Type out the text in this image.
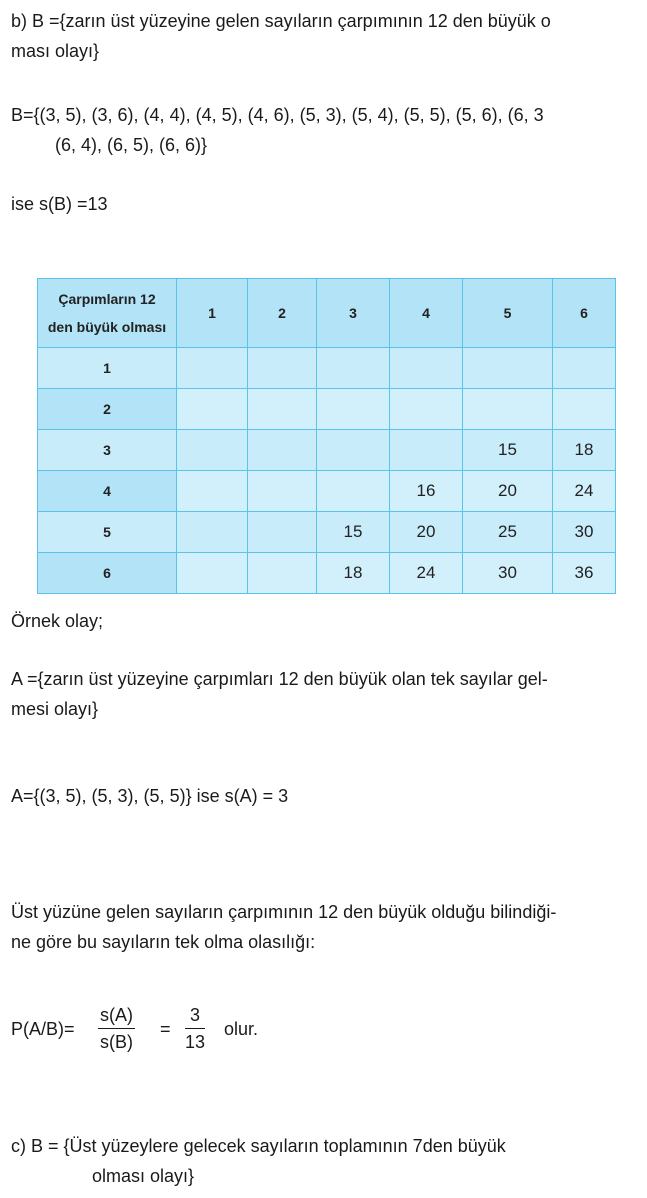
b) B ={zarın üst yüzeyine gelen sayıların çarpımının 12 den büyük o
ması olayı}
B={(3, 5), (3, 6), (4, 4), (4, 5), (4, 6), (5, 3), (5, 4), (5, 5), (5, 6), (6, 3
(6, 4), (6, 5), (6, 6)}
ise s(B) =13
Çarpımların 12
den büyük olması	1	2	3	4	5	6
1						
2						
3					15	18
4				16	20	24
5			15	20	25	30
6			18	24	30	36
Örnek olay;
A ={zarın üst yüzeyine çarpımları 12 den büyük olan tek sayılar gel-
mesi olayı}
A={(3, 5), (5, 3), (5, 5)} ise s(A) = 3
Üst yüzüne gelen sayıların çarpımının 12 den büyük olduğu bilindiği-
ne göre bu sayıların tek olma olasılığı:
$P(A/B)= \frac{s(A)}{s(B)} = \frac{3}{13}$ olur.
c) B = {Üst yüzeylere gelecek sayıların toplamının 7den büyük
olması olayı}
